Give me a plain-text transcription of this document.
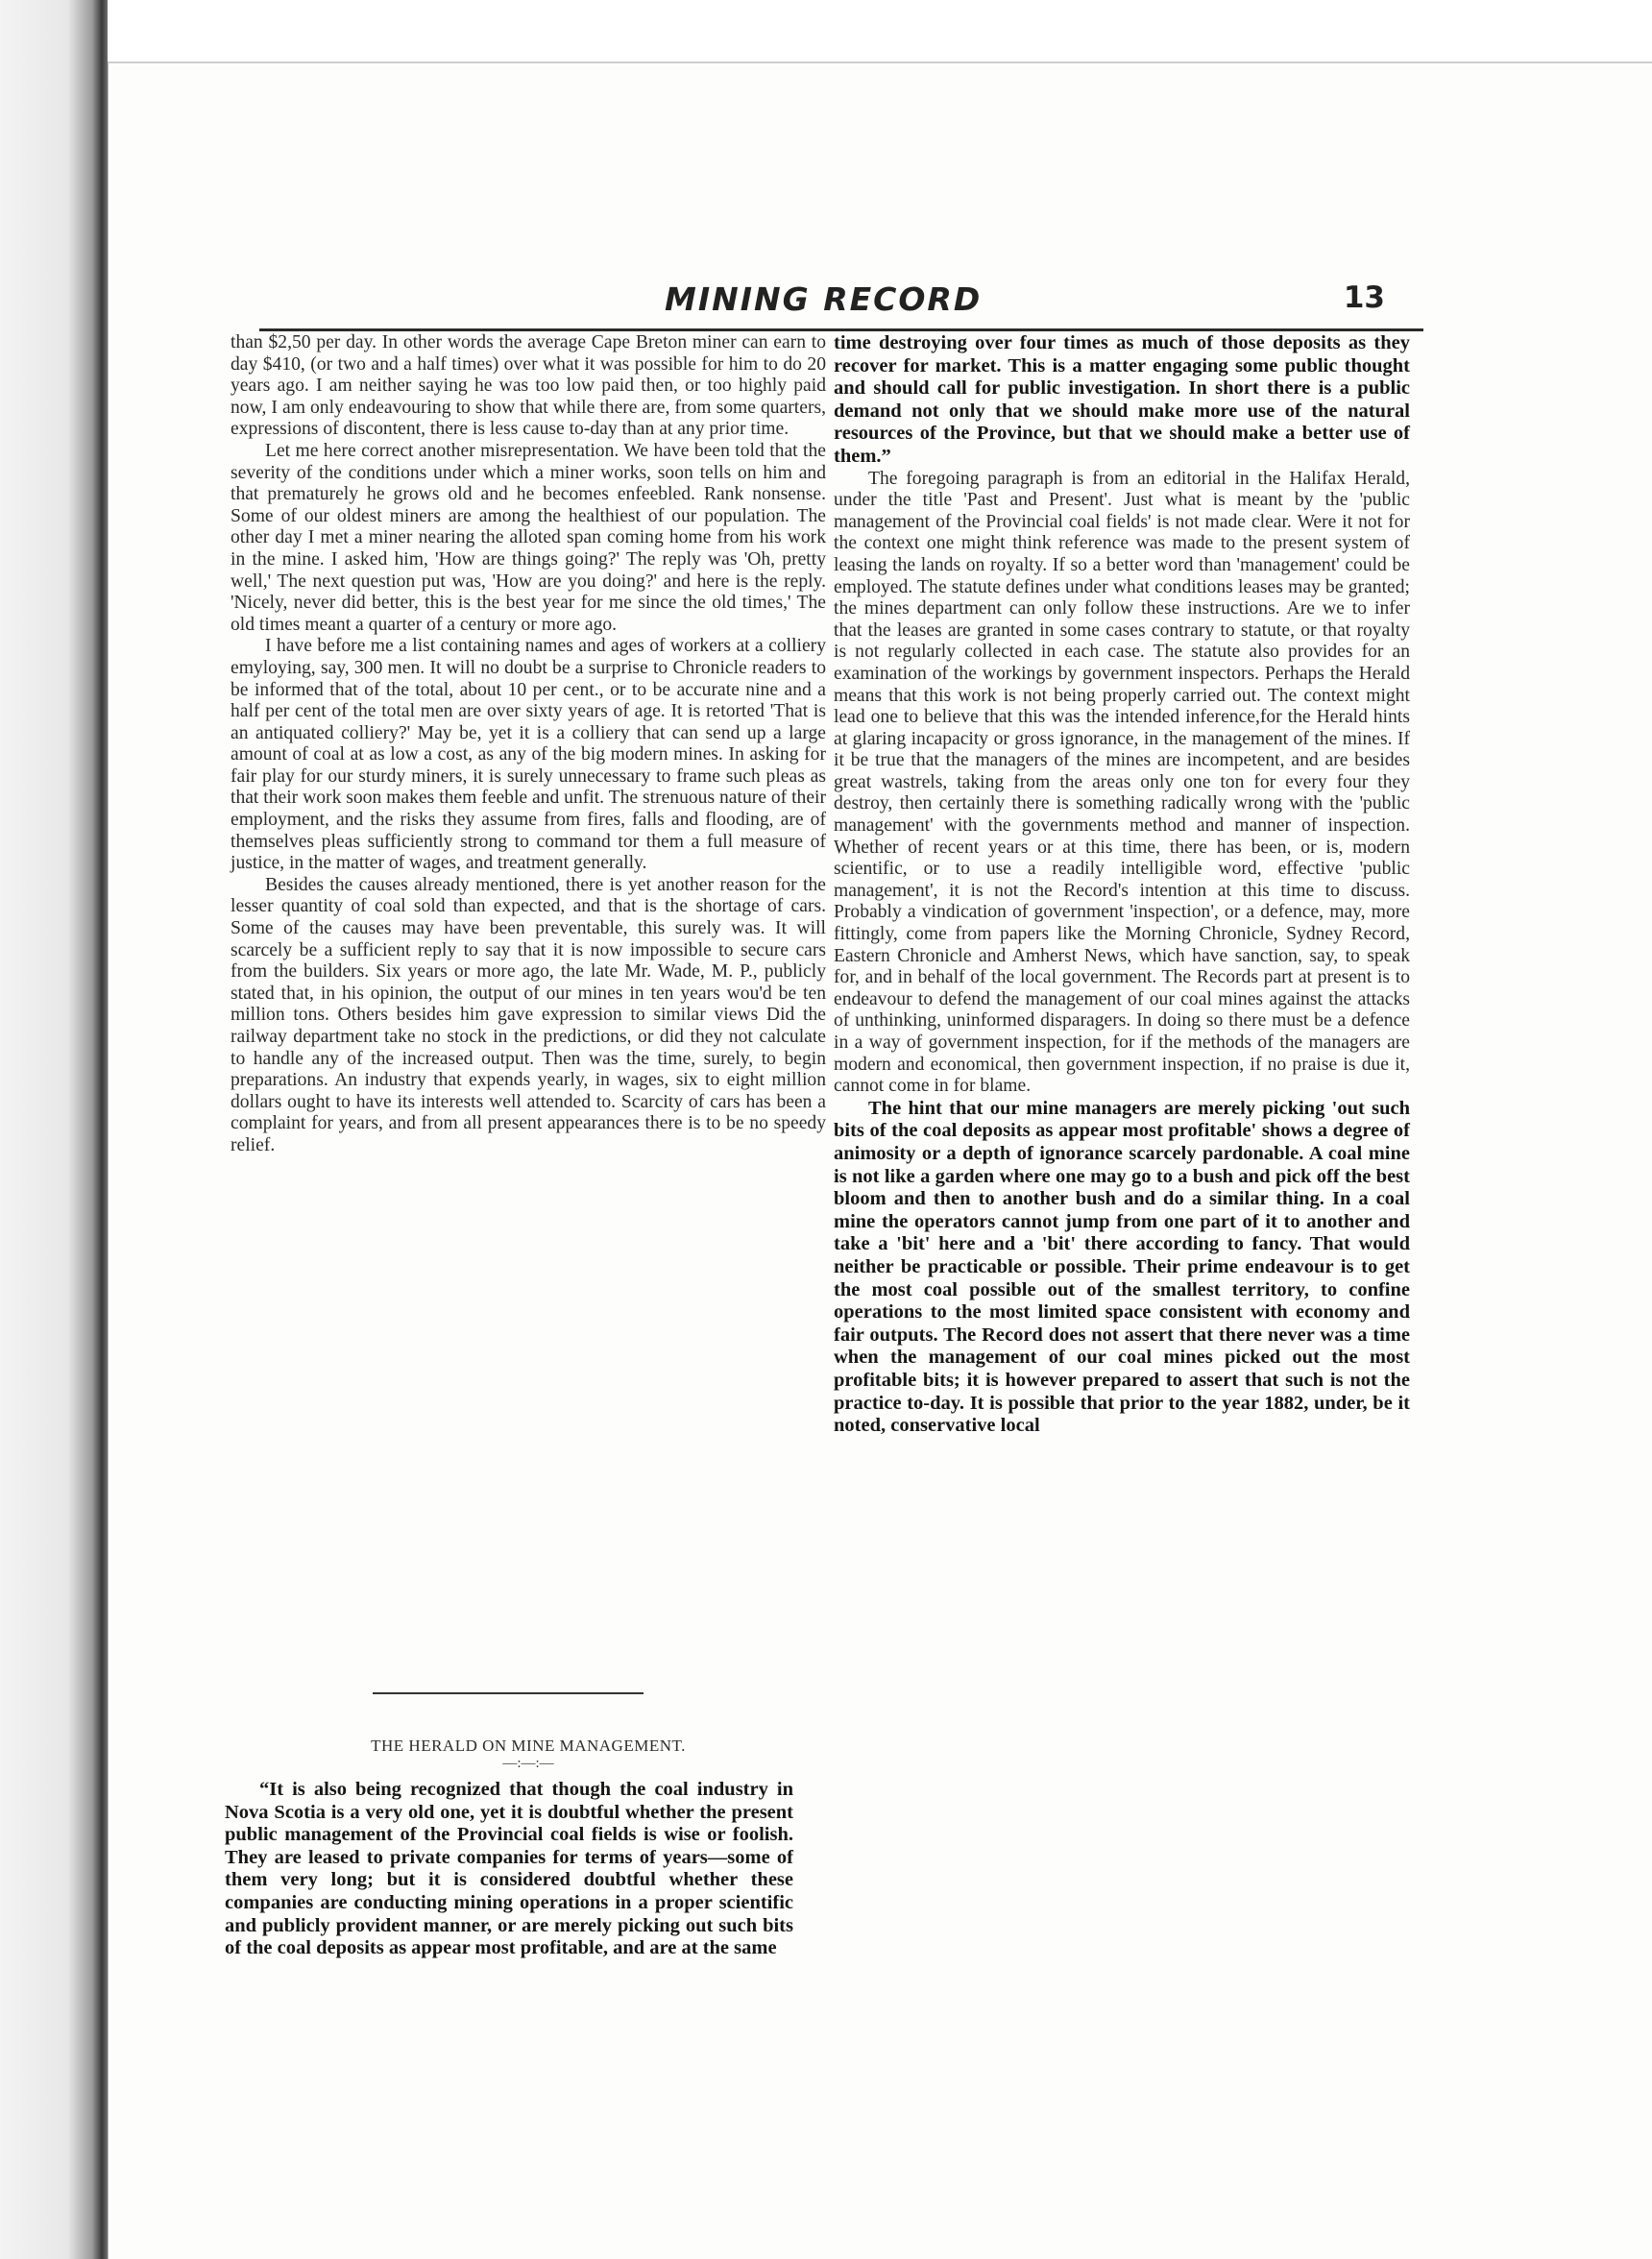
MINING RECORD	13

than $2,50 per day. In other words the average Cape Breton miner can earn to day $410, (or two and a half times) over what it was possible for him to do 20 years ago. I am neither saying he was too low paid then, or too highly paid now, I am only endeavouring to show that while there are, from some quarters, expressions of discontent, there is less cause to-day than at any prior time.

Let me here correct another misrepresentation. We have been told that the severity of the conditions under which a miner works, soon tells on him and that prematurely he grows old and he becomes enfeebled. Rank nonsense. Some of our oldest miners are among the healthiest of our population. The other day I met a miner nearing the alloted span coming home from his work in the mine. I asked him, 'How are things going?' The reply was 'Oh, pretty well,' The next question put was, 'How are you doing?' and here is the reply. 'Nicely, never did better, this is the best year for me since the old times,' The old times meant a quarter of a century or more ago.

I have before me a list containing names and ages of workers at a colliery emyloying, say, 300 men. It will no doubt be a surprise to Chronicle readers to be informed that of the total, about 10 per cent., or to be accurate nine and a half per cent of the total men are over sixty years of age. It is retorted 'That is an antiquated colliery?' May be, yet it is a colliery that can send up a large amount of coal at as low a cost, as any of the big modern mines. In asking for fair play for our sturdy miners, it is surely unnecessary to frame such pleas as that their work soon makes them feeble and unfit. The strenuous nature of their employment, and the risks they assume from fires, falls and flooding, are of themselves pleas sufficiently strong to command tor them a full measure of justice, in the matter of wages, and treatment generally.

Besides the causes already mentioned, there is yet another reason for the lesser quantity of coal sold than expected, and that is the shortage of cars. Some of the causes may have been preventable, this surely was. It will scarcely be a sufficient reply to say that it is now impossible to secure cars from the builders. Six years or more ago, the late Mr. Wade, M. P., publicly stated that, in his opinion, the output of our mines in ten years wou'd be ten million tons. Others besides him gave expression to similar views Did the railway department take no stock in the predictions, or did they not calculate to handle any of the increased output. Then was the time, surely, to begin preparations. An industry that expends yearly, in wages, six to eight million dollars ought to have its interests well attended to. Scarcity of cars has been a complaint for years, and from all present appearances there is to be no speedy relief.

THE HERALD ON MINE MANAGEMENT.
—:—:—

“It is also being recognized that though the coal industry in Nova Scotia is a very old one, yet it is doubtful whether the present public management of the Provincial coal fields is wise or foolish. They are leased to private companies for terms of years—some of them very long; but it is considered doubtful whether these companies are conducting mining operations in a proper scientific and publicly provident manner, or are merely picking out such bits of the coal deposits as appear most profitable, and are at the same

time destroying over four times as much of those deposits as they recover for market. This is a matter engaging some public thought and should call for public investigation. In short there is a public demand not only that we should make more use of the natural resources of the Province, but that we should make a better use of them.”

The foregoing paragraph is from an editorial in the Halifax Herald, under the title 'Past and Present'. Just what is meant by the 'public management of the Provincial coal fields' is not made clear. Were it not for the context one might think reference was made to the present system of leasing the lands on royalty. If so a better word than 'management' could be employed. The statute defines under what conditions leases may be granted; the mines department can only follow these instructions. Are we to infer that the leases are granted in some cases contrary to statute, or that royalty is not regularly collected in each case. The statute also provides for an examination of the workings by government inspectors. Perhaps the Herald means that this work is not being properly carried out. The context might lead one to believe that this was the intended inference,for the Herald hints at glaring incapacity or gross ignorance, in the management of the mines. If it be true that the managers of the mines are incompetent, and are besides great wastrels, taking from the areas only one ton for every four they destroy, then certainly there is something radically wrong with the 'public management' with the governments method and manner of inspection. Whether of recent years or at this time, there has been, or is, modern scientific, or to use a readily intelligible word, effective 'public management', it is not the Record's intention at this time to discuss. Probably a vindication of government 'inspection', or a defence, may, more fittingly, come from papers like the Morning Chronicle, Sydney Record, Eastern Chronicle and Amherst News, which have sanction, say, to speak for, and in behalf of the local government. The Records part at present is to endeavour to defend the management of our coal mines against the attacks of unthinking, uninformed disparagers. In doing so there must be a defence in a way of government inspection, for if the methods of the managers are modern and economical, then government inspection, if no praise is due it, cannot come in for blame.

The hint that our mine managers are merely picking 'out such bits of the coal deposits as appear most profitable' shows a degree of animosity or a depth of ignorance scarcely pardonable. A coal mine is not like a garden where one may go to a bush and pick off the best bloom and then to another bush and do a similar thing. In a coal mine the operators cannot jump from one part of it to another and take a 'bit' here and a 'bit' there according to fancy. That would neither be practicable or possible. Their prime endeavour is to get the most coal possible out of the smallest territory, to confine operations to the most limited space consistent with economy and fair outputs. The Record does not assert that there never was a time when the management of our coal mines picked out the most profitable bits; it is however prepared to assert that such is not the practice to-day. It is possible that prior to the year 1882, under, be it noted, conservative local
